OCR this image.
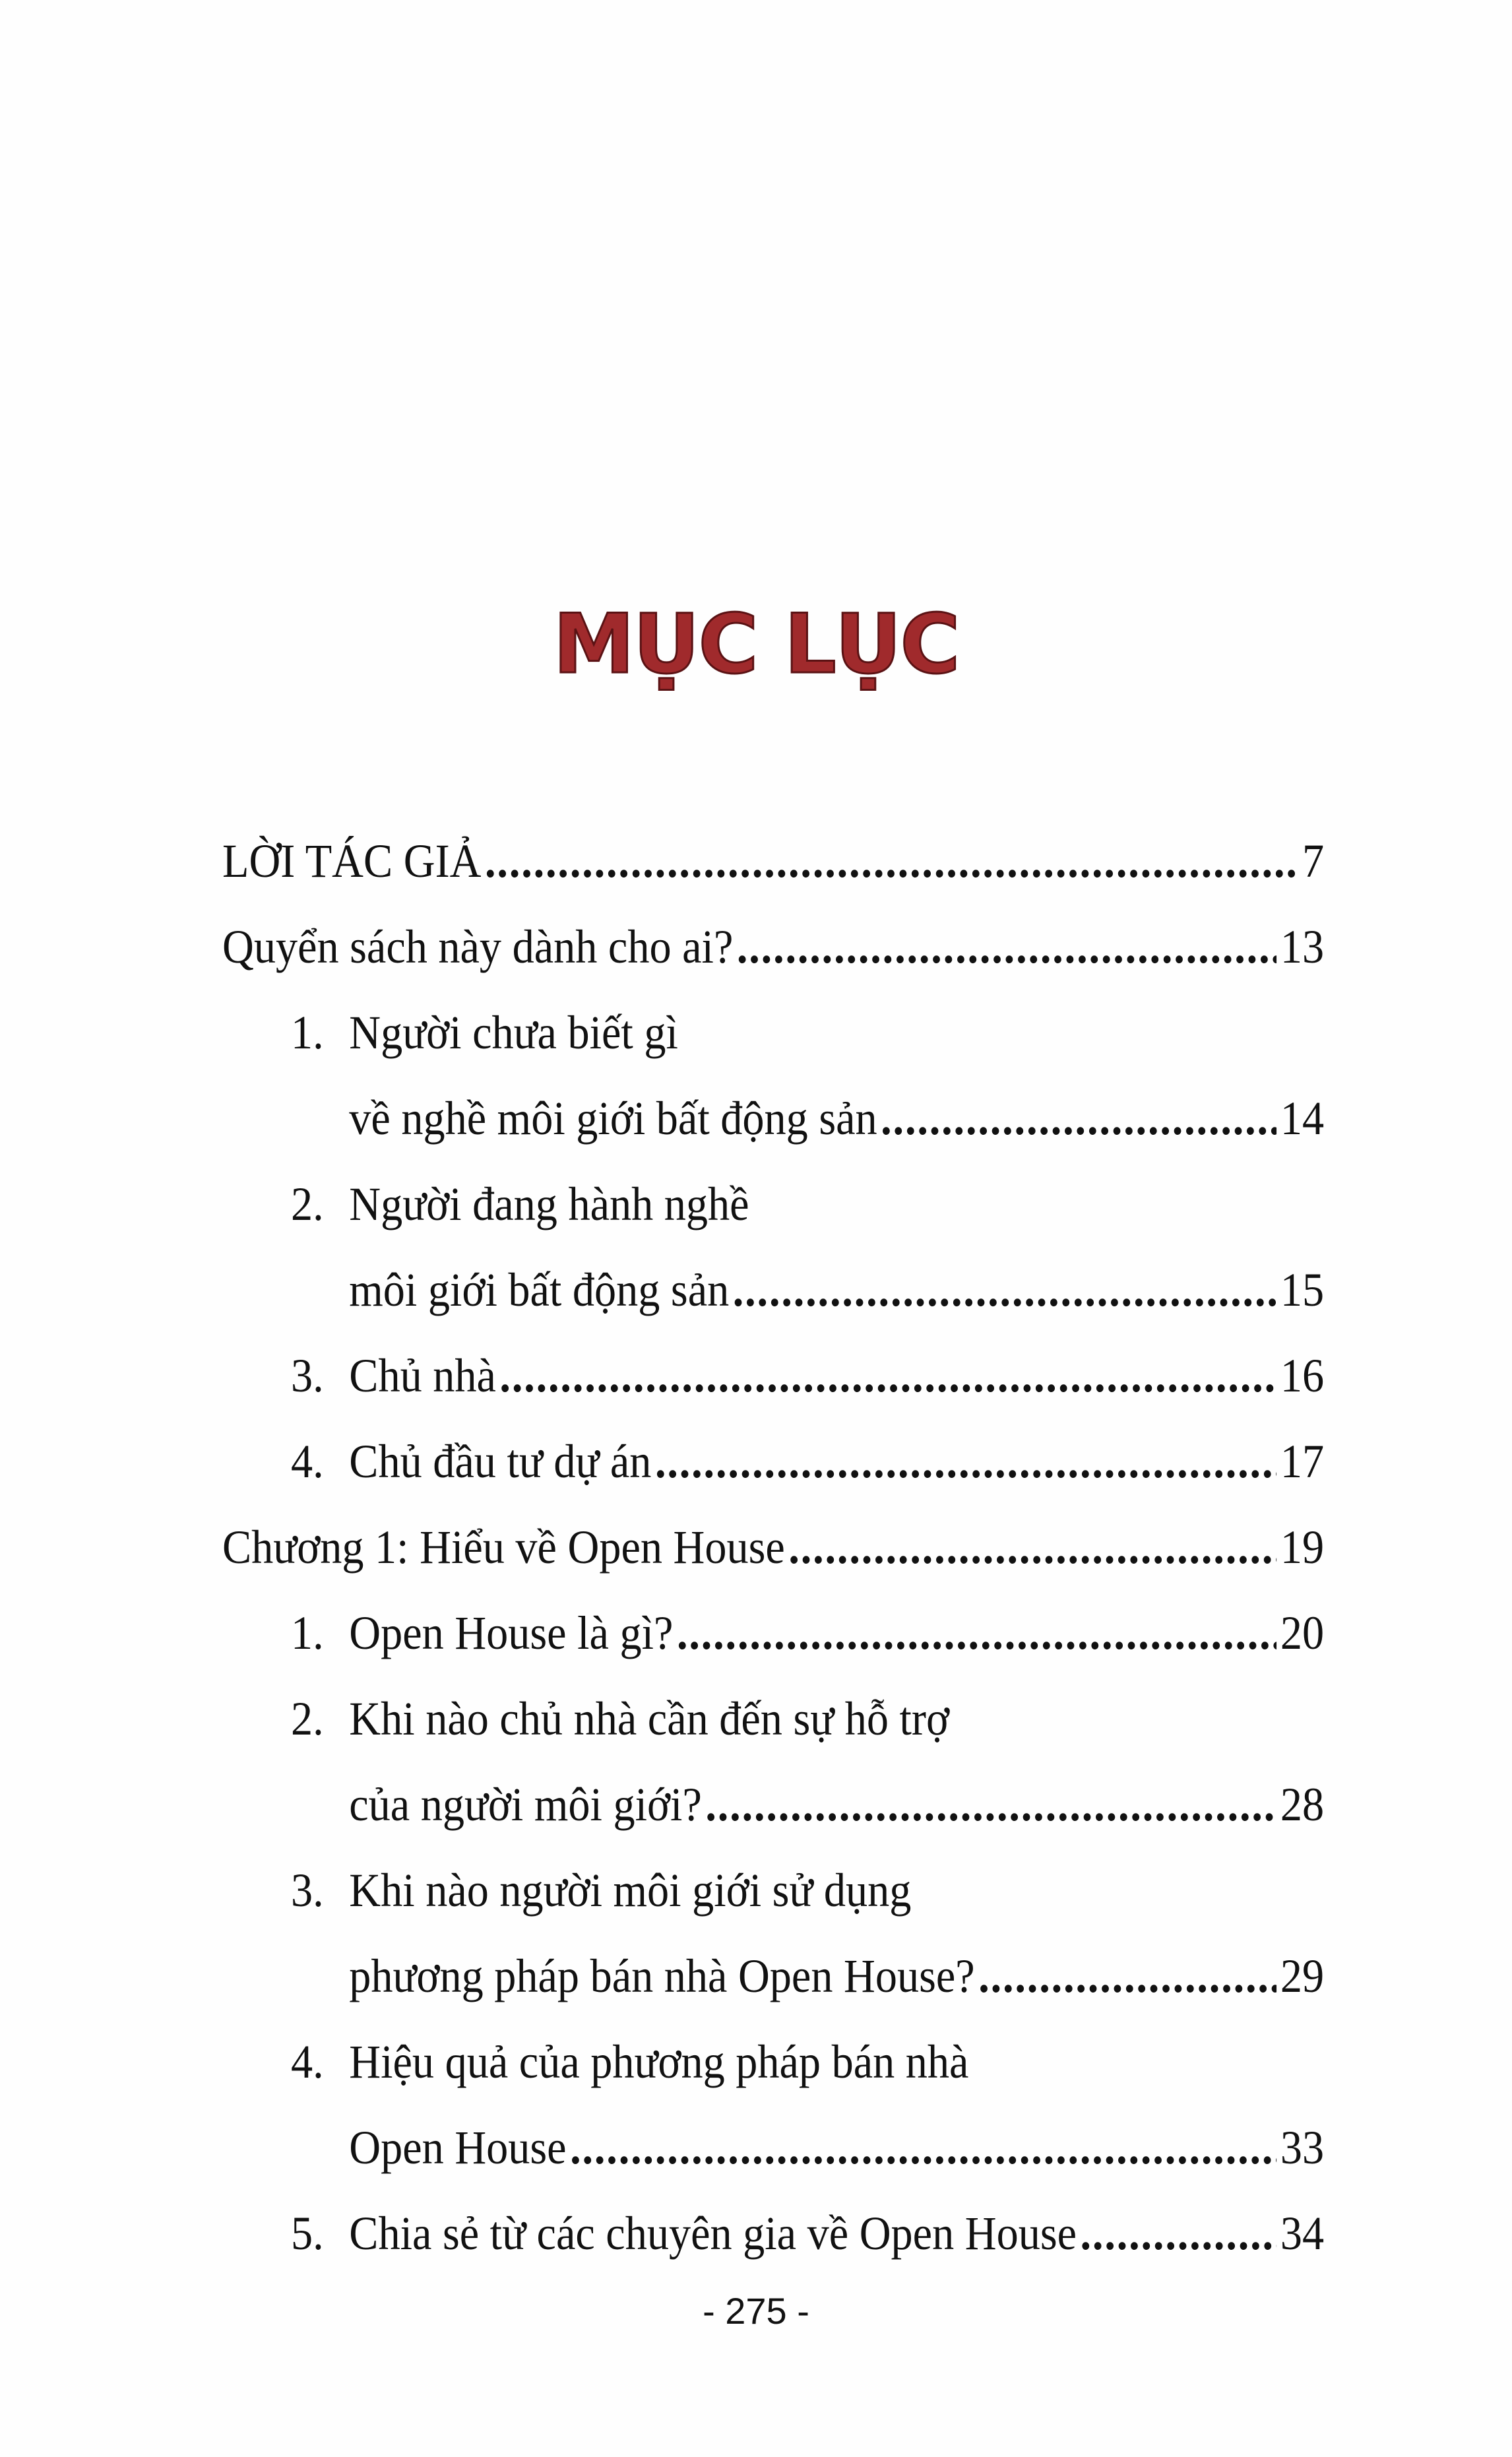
MỤC LỤC
LỜI TÁC GIẢ .....	7
Quyển sách này dành cho ai? .....	13
1. Người chưa biết gì
về nghề môi giới bất động sản .....	14
2. Người đang hành nghề
môi giới bất động sản .....	15
3. Chủ nhà .....	16
4. Chủ đầu tư dự án .....	17
Chương 1: Hiểu về Open House .....	19
1. Open House là gì? .....	20
2. Khi nào chủ nhà cần đến sự hỗ trợ
của người môi giới? .....	28
3. Khi nào người môi giới sử dụng
phương pháp bán nhà Open House? .....	29
4. Hiệu quả của phương pháp bán nhà
Open House .....	33
5. Chia sẻ từ các chuyên gia về Open House .....	34
- 275 -
